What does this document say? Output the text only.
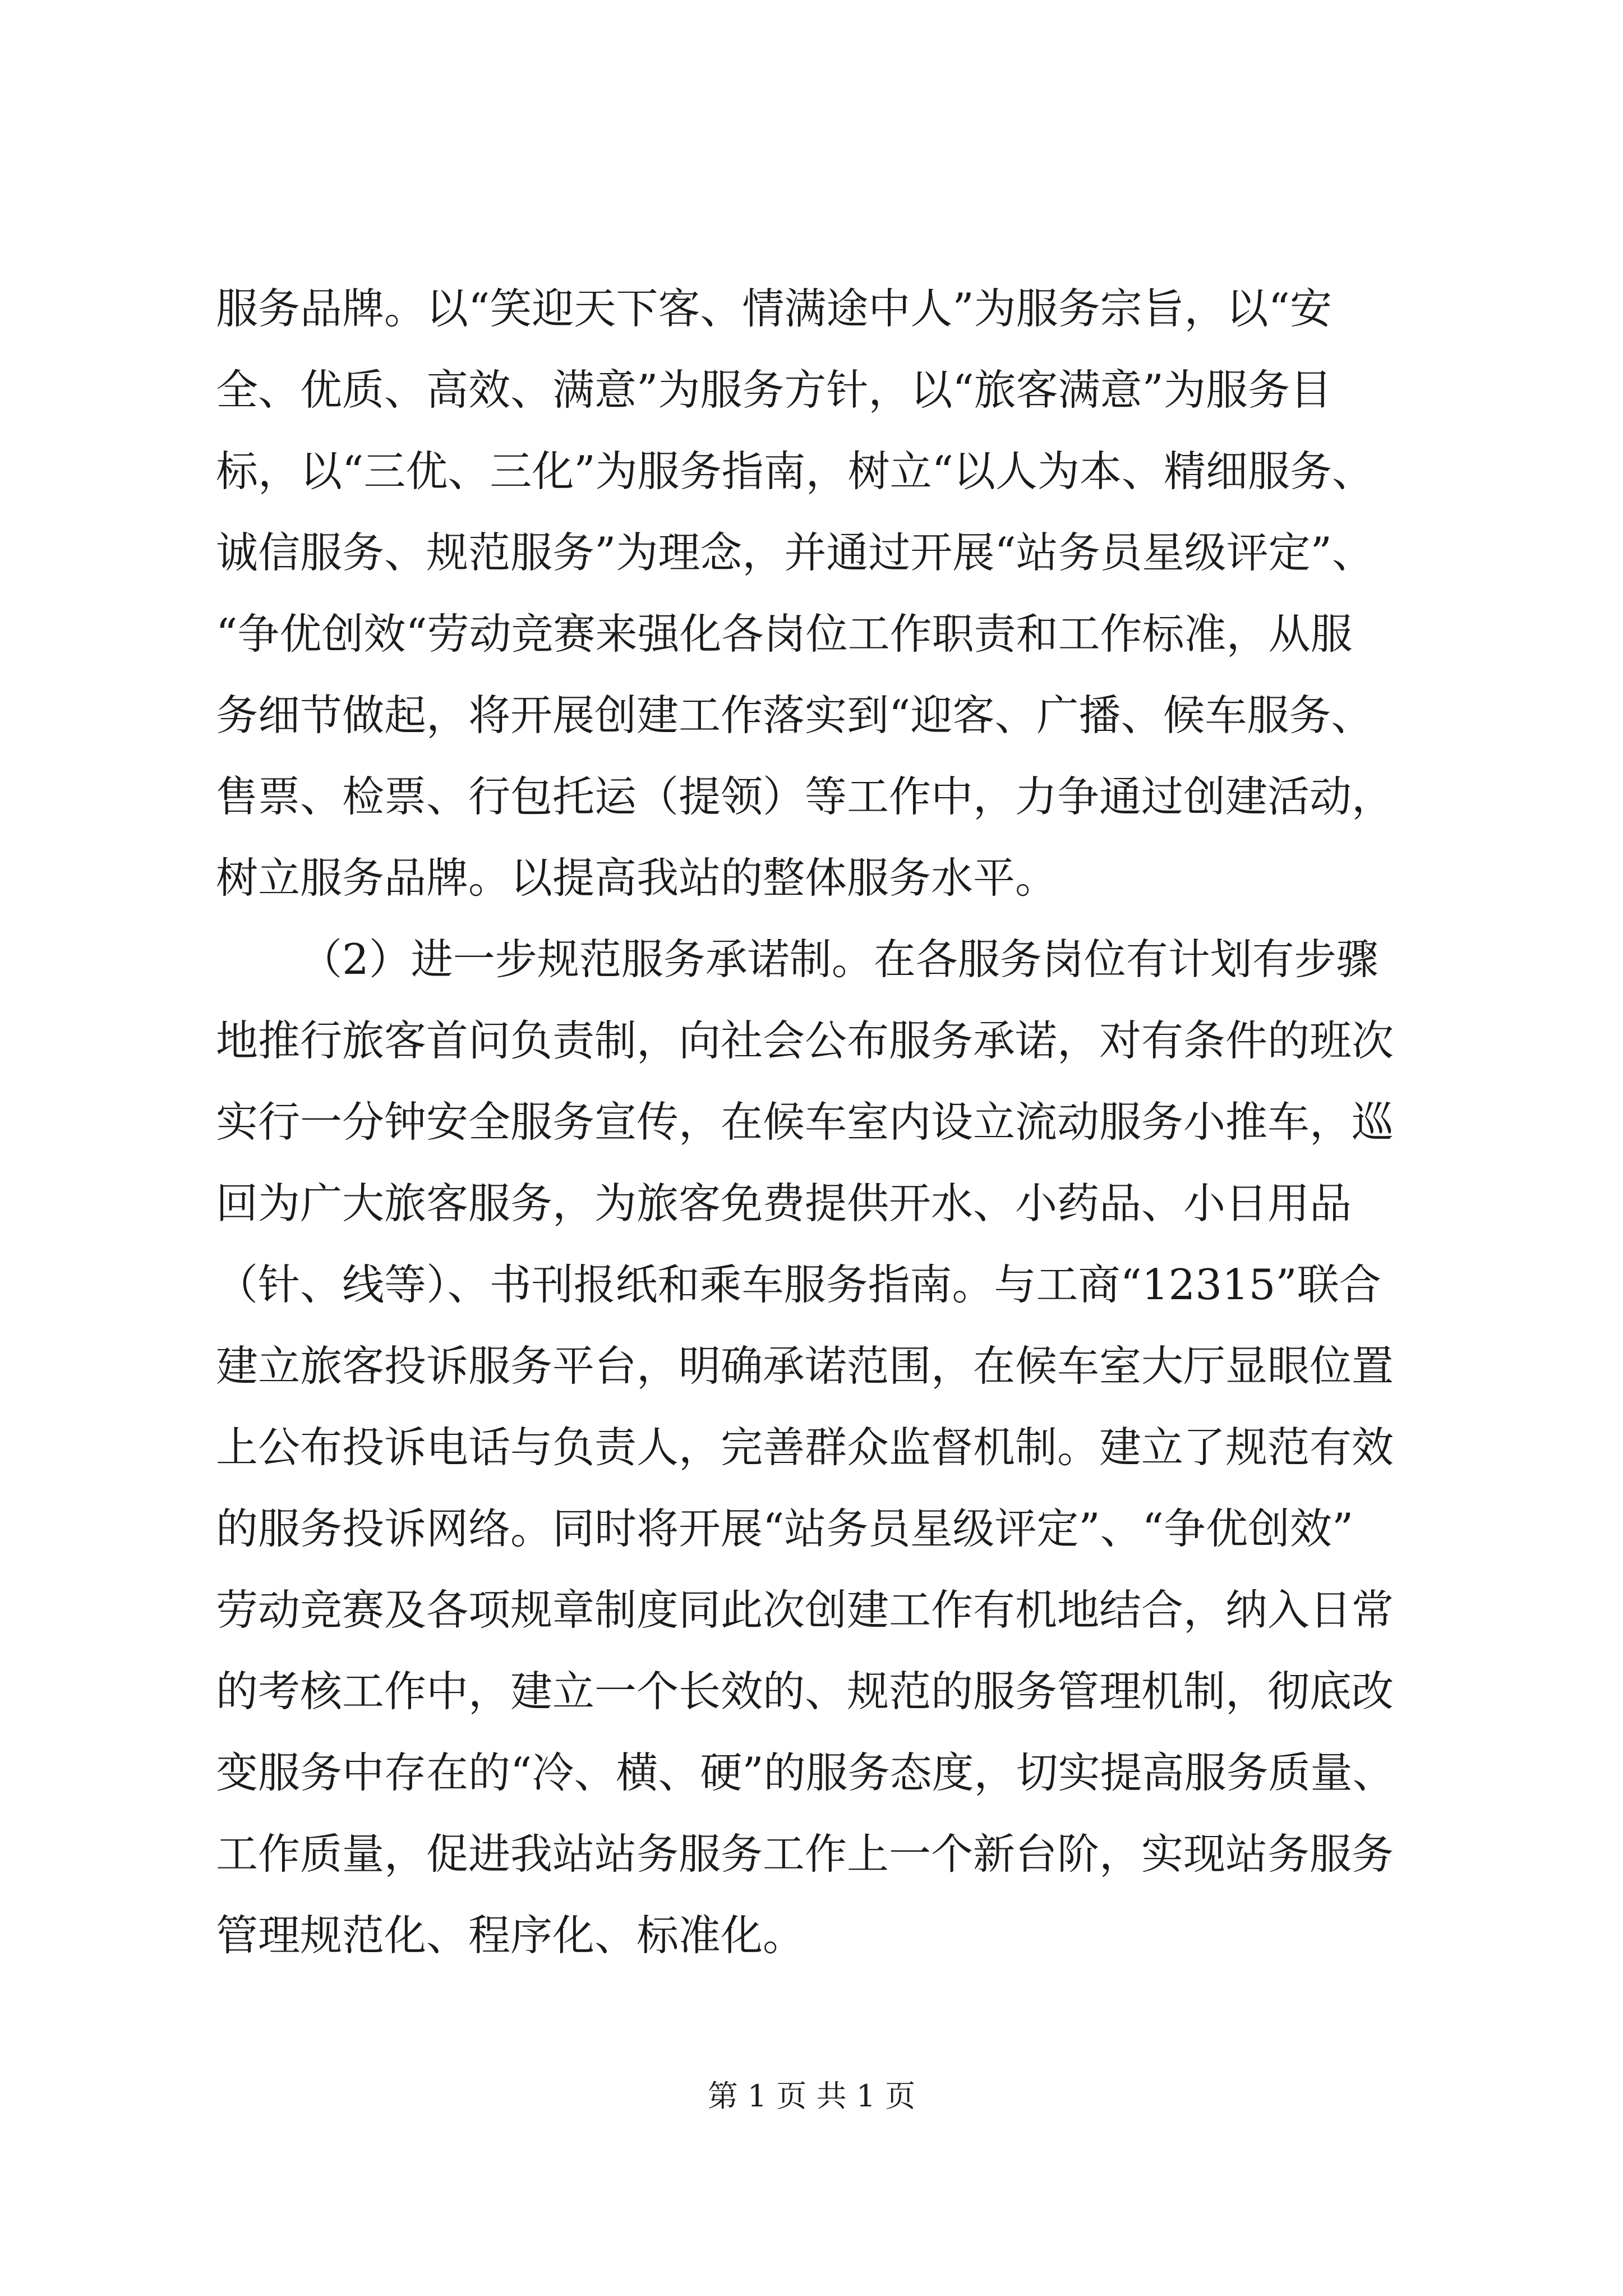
服务品牌。以“笑迎天下客、情满途中人”为服务宗旨，以“安
全、优质、高效、满意”为服务方针，以“旅客满意”为服务目
标，以“三优、三化”为服务指南，树立“以人为本、精细服务、
诚信服务、规范服务”为理念，并通过开展“站务员星级评定”、
“争优创效“劳动竞赛来强化各岗位工作职责和工作标准，从服
务细节做起，将开展创建工作落实到“迎客、广播、候车服务、
售票、检票、行包托运（提领）等工作中，力争通过创建活动，
树立服务品牌。以提高我站的整体服务水平。
（2）进一步规范服务承诺制。在各服务岗位有计划有步骤
地推行旅客首问负责制，向社会公布服务承诺，对有条件的班次
实行一分钟安全服务宣传，在候车室内设立流动服务小推车，巡
回为广大旅客服务，为旅客免费提供开水、小药品、小日用品
（针、线等）、书刊报纸和乘车服务指南。与工商“12315”联合
建立旅客投诉服务平台，明确承诺范围，在候车室大厅显眼位置
上公布投诉电话与负责人，完善群众监督机制。建立了规范有效
的服务投诉网络。同时将开展“站务员星级评定”、“争优创效”
劳动竞赛及各项规章制度同此次创建工作有机地结合，纳入日常
的考核工作中，建立一个长效的、规范的服务管理机制，彻底改
变服务中存在的“冷、横、硬”的服务态度，切实提高服务质量、
工作质量，促进我站站务服务工作上一个新台阶，实现站务服务
管理规范化、程序化、标准化。
第 1 页 共 1 页
